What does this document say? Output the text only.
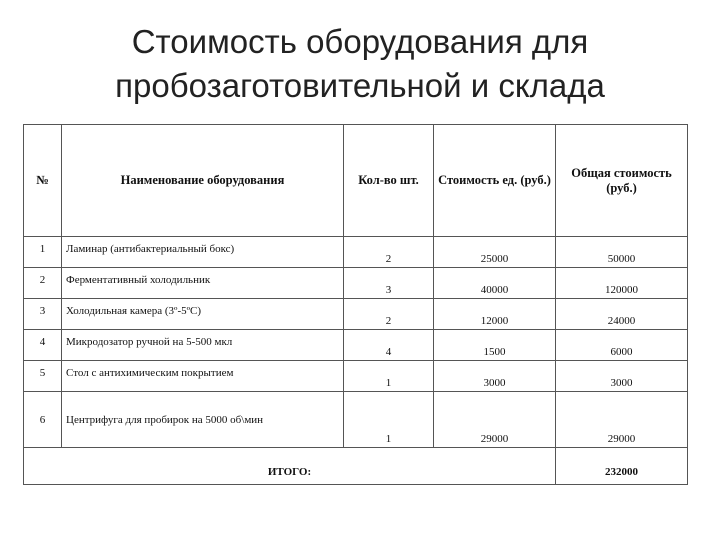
Стоимость оборудования для
пробозаготовительной и склада
№	Наименование оборудования	Кол-во шт.	Стоимость ед. (руб.)	Общая стоимость (руб.)
1	Ламинар (антибактериальный бокс)	2	25000	50000
2	Ферментативный холодильник	3	40000	120000
3	Холодильная камера (3º-5ºС)	2	12000	24000
4	Микродозатор ручной на 5-500 мкл	4	1500	6000
5	Стол с антихимическим покрытием	1	3000	3000
6	Центрифуга для пробирок на 5000 об\мин	1	29000	29000
ИТОГО:				232000
